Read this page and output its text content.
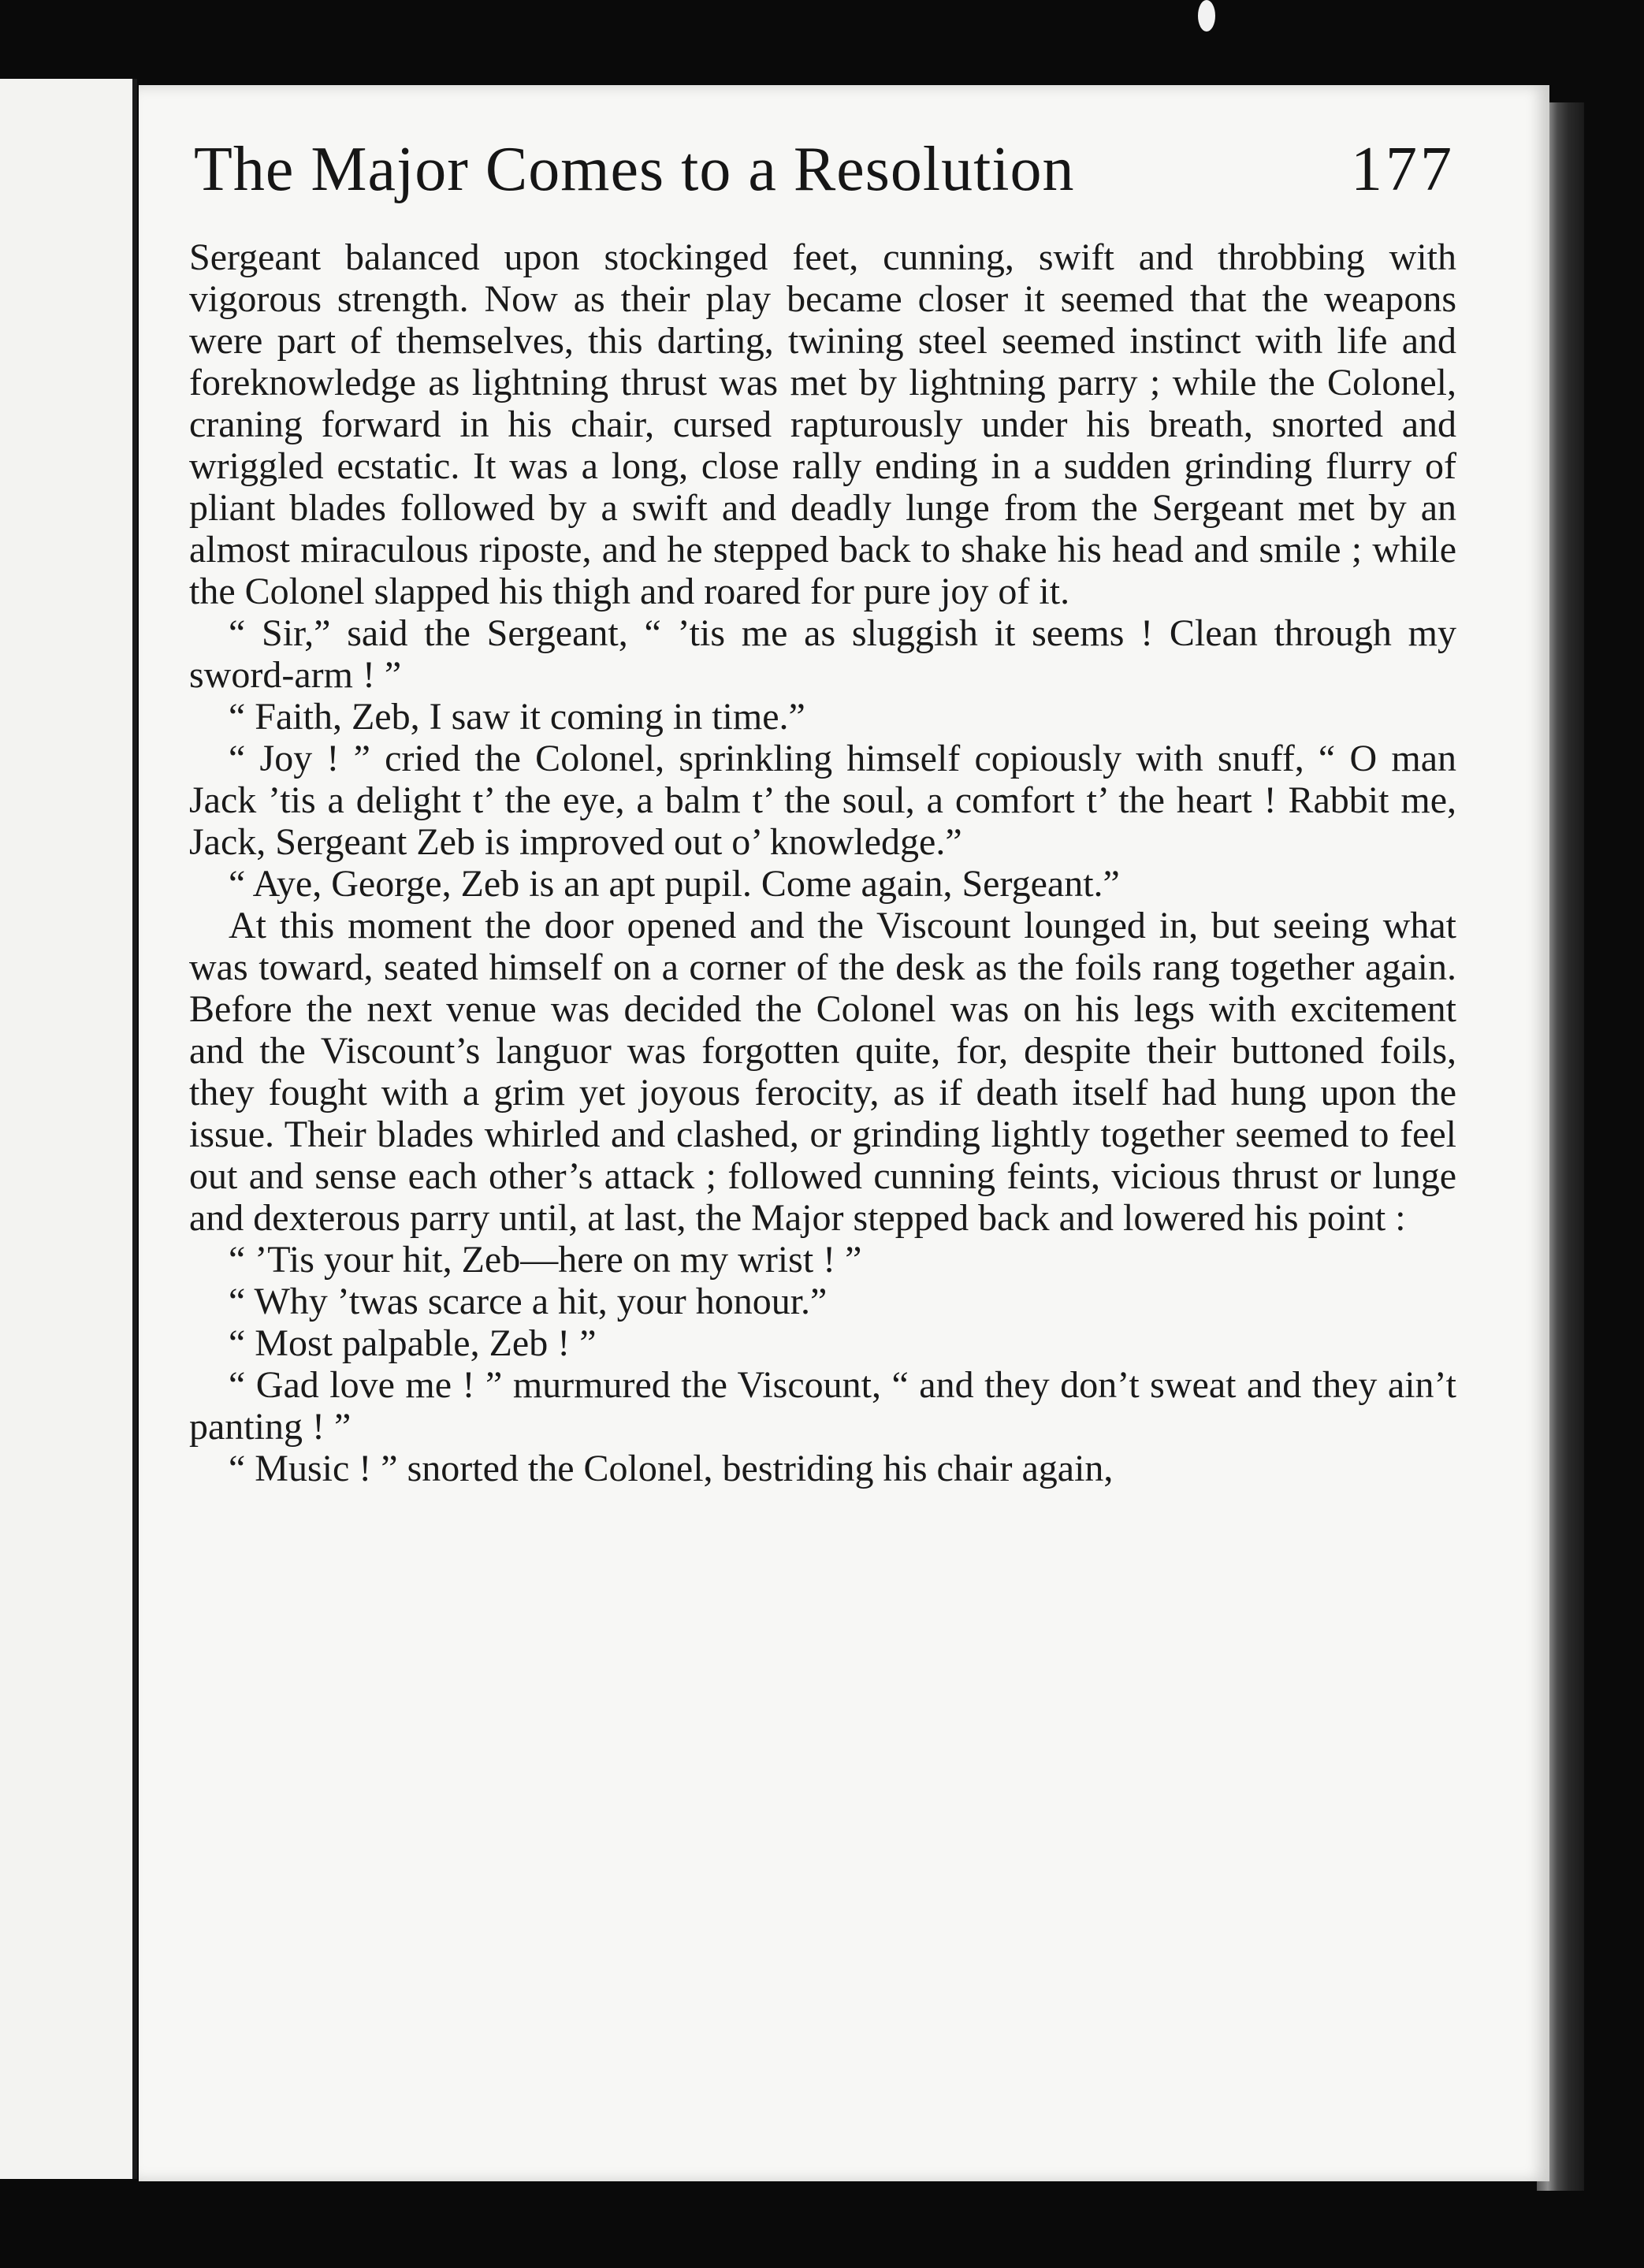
The Major Comes to a Resolution	177

Sergeant balanced upon stockinged feet, cunning, swift and throbbing with vigorous strength. Now as their play became closer it seemed that the weapons were part of themselves, this darting, twining steel seemed instinct with life and foreknowledge as lightning thrust was met by lightning parry ; while the Colonel, craning forward in his chair, cursed rapturously under his breath, snorted and wriggled ecstatic. It was a long, close rally ending in a sudden grinding flurry of pliant blades followed by a swift and deadly lunge from the Sergeant met by an almost miraculous riposte, and he stepped back to shake his head and smile ; while the Colonel slapped his thigh and roared for pure joy of it.

“ Sir,” said the Sergeant, “ ’tis me as sluggish it seems ! Clean through my sword-arm ! ”

“ Faith, Zeb, I saw it coming in time.”

“ Joy ! ” cried the Colonel, sprinkling himself copiously with snuff, “ O man Jack ’tis a delight t’ the eye, a balm t’ the soul, a comfort t’ the heart ! Rabbit me, Jack, Sergeant Zeb is improved out o’ knowledge.”

“ Aye, George, Zeb is an apt pupil. Come again, Sergeant.”

At this moment the door opened and the Viscount lounged in, but seeing what was toward, seated himself on a corner of the desk as the foils rang together again. Before the next venue was decided the Colonel was on his legs with excitement and the Viscount’s languor was forgotten quite, for, despite their buttoned foils, they fought with a grim yet joyous ferocity, as if death itself had hung upon the issue. Their blades whirled and clashed, or grinding lightly together seemed to feel out and sense each other’s attack ; followed cunning feints, vicious thrust or lunge and dexterous parry until, at last, the Major stepped back and lowered his point :

“ ’Tis your hit, Zeb—here on my wrist ! ”

“ Why ’twas scarce a hit, your honour.”

“ Most palpable, Zeb ! ”

“ Gad love me ! ” murmured the Viscount, “ and they don’t sweat and they ain’t panting ! ”

“ Music ! ” snorted the Colonel, bestriding his chair again,
